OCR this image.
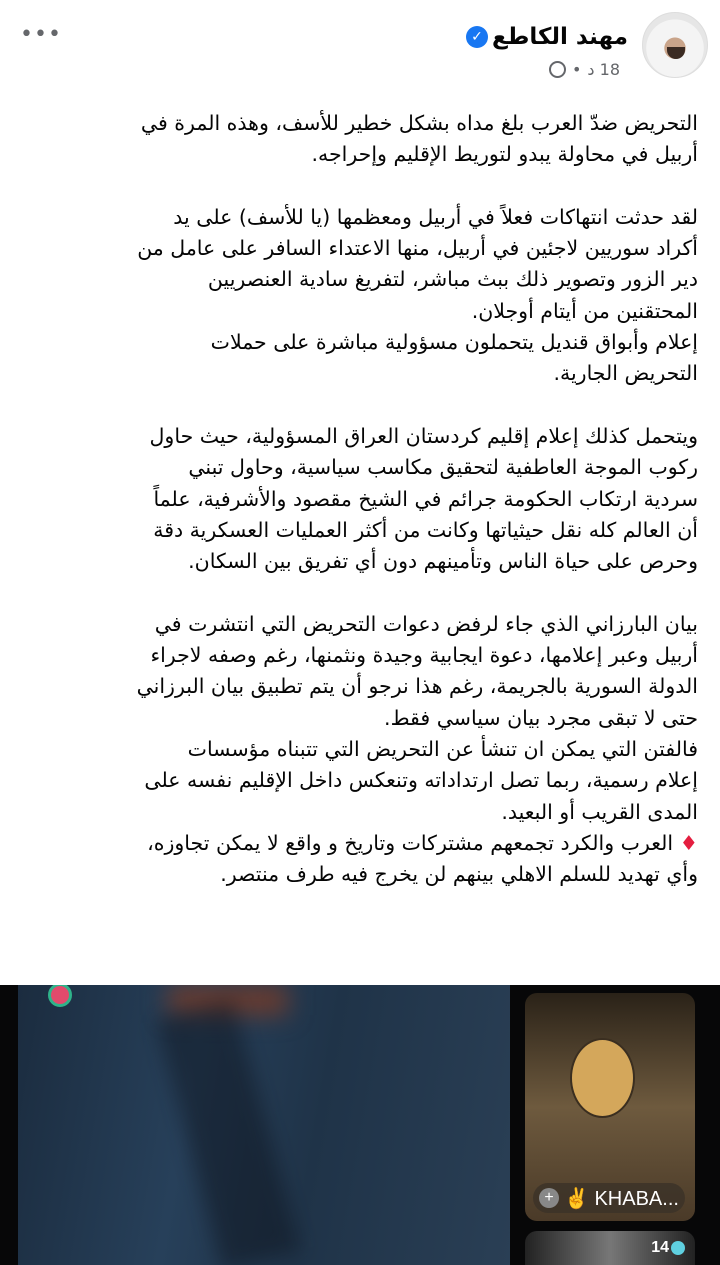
مهند الكاطع
✓
18 د
•
•••
التحريض ضدّ العرب بلغ مداه بشكل خطير للأسف، وهذه المرة في
أربيل في محاولة يبدو لتوريط الإقليم وإحراجه.
لقد حدثت انتهاكات فعلاً في أربيل ومعظمها (يا للأسف) على يد
أكراد سوريين لاجئين في أربيل، منها الاعتداء السافر على عامل من
دير الزور وتصوير ذلك ببث مباشر، لتفريغ سادية العنصريين
المحتقنين من أيتام أوجلان.
إعلام وأبواق قنديل يتحملون مسؤولية مباشرة على حملات
التحريض الجارية.
ويتحمل كذلك إعلام إقليم كردستان العراق المسؤولية، حيث حاول
ركوب الموجة العاطفية لتحقيق مكاسب سياسية، وحاول تبني
سردية ارتكاب الحكومة جرائم في الشيخ مقصود والأشرفية، علماً
أن العالم كله نقل حيثياتها وكانت من أكثر العمليات العسكرية دقة
وحرص على حياة الناس وتأمينهم دون أي تفريق بين السكان.
بيان البارزاني الذي جاء لرفض دعوات التحريض التي انتشرت في
أربيل وعبر إعلامها، دعوة ايجابية وجيدة ونثمنها، رغم وصفه لاجراء
الدولة السورية بالجريمة، رغم هذا نرجو أن يتم تطبيق بيان البرزاني
حتى لا تبقى مجرد بيان سياسي فقط.
فالفتن التي يمكن ان تنشأ عن التحريض التي تتبناه مؤسسات
إعلام رسمية، ربما تصل ارتداداته وتنعكس داخل الإقليم نفسه على
المدى القريب أو البعيد.
♦ العرب والكرد تجمعهم مشتركات وتاريخ و واقع لا يمكن تجاوزه،
وأي تهديد للسلم الاهلي بينهم لن يخرج فيه طرف منتصر.
+ ✌ KHABA...
14
